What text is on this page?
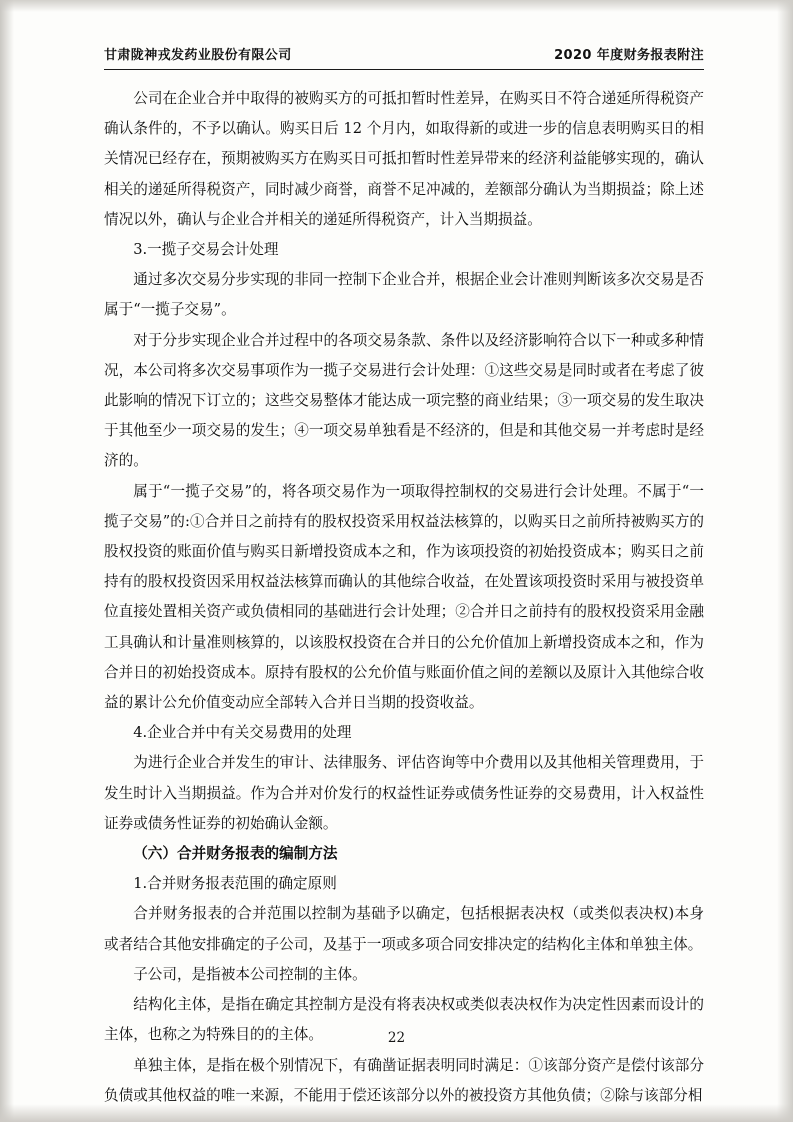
甘肃陇神戎发药业股份有限公司	2020 年度财务报表附注

公司在企业合并中取得的被购买方的可抵扣暂时性差异，在购买日不符合递延所得税资产确认条件的，不予以确认。购买日后 12 个月内，如取得新的或进一步的信息表明购买日的相关情况已经存在，预期被购买方在购买日可抵扣暂时性差异带来的经济利益能够实现的，确认相关的递延所得税资产，同时减少商誉，商誉不足冲减的，差额部分确认为当期损益；除上述情况以外，确认与企业合并相关的递延所得税资产，计入当期损益。

3.一揽子交易会计处理

通过多次交易分步实现的非同一控制下企业合并，根据企业会计准则判断该多次交易是否属于“一揽子交易”。

对于分步实现企业合并过程中的各项交易条款、条件以及经济影响符合以下一种或多种情况，本公司将多次交易事项作为一揽子交易进行会计处理：①这些交易是同时或者在考虑了彼此影响的情况下订立的；这些交易整体才能达成一项完整的商业结果；③一项交易的发生取决于其他至少一项交易的发生；④一项交易单独看是不经济的，但是和其他交易一并考虑时是经济的。

属于“一揽子交易”的，将各项交易作为一项取得控制权的交易进行会计处理。不属于“一揽子交易”的:①合并日之前持有的股权投资采用权益法核算的，以购买日之前所持被购买方的股权投资的账面价值与购买日新增投资成本之和，作为该项投资的初始投资成本；购买日之前持有的股权投资因采用权益法核算而确认的其他综合收益，在处置该项投资时采用与被投资单位直接处置相关资产或负债相同的基础进行会计处理；②合并日之前持有的股权投资采用金融工具确认和计量准则核算的，以该股权投资在合并日的公允价值加上新增投资成本之和，作为合并日的初始投资成本。原持有股权的公允价值与账面价值之间的差额以及原计入其他综合收益的累计公允价值变动应全部转入合并日当期的投资收益。

4.企业合并中有关交易费用的处理

为进行企业合并发生的审计、法律服务、评估咨询等中介费用以及其他相关管理费用，于发生时计入当期损益。作为合并对价发行的权益性证券或债务性证券的交易费用，计入权益性证券或债务性证券的初始确认金额。

（六）合并财务报表的编制方法

1.合并财务报表范围的确定原则

合并财务报表的合并范围以控制为基础予以确定，包括根据表决权（或类似表决权)本身或者结合其他安排确定的子公司，及基于一项或多项合同安排决定的结构化主体和单独主体。

子公司，是指被本公司控制的主体。

结构化主体，是指在确定其控制方是没有将表决权或类似表决权作为决定性因素而设计的主体，也称之为特殊目的的主体。

单独主体，是指在极个别情况下，有确凿证据表明同时满足：①该部分资产是偿付该部分负债或其他权益的唯一来源，不能用于偿还该部分以外的被投资方其他负债；②除与该部分相

22
